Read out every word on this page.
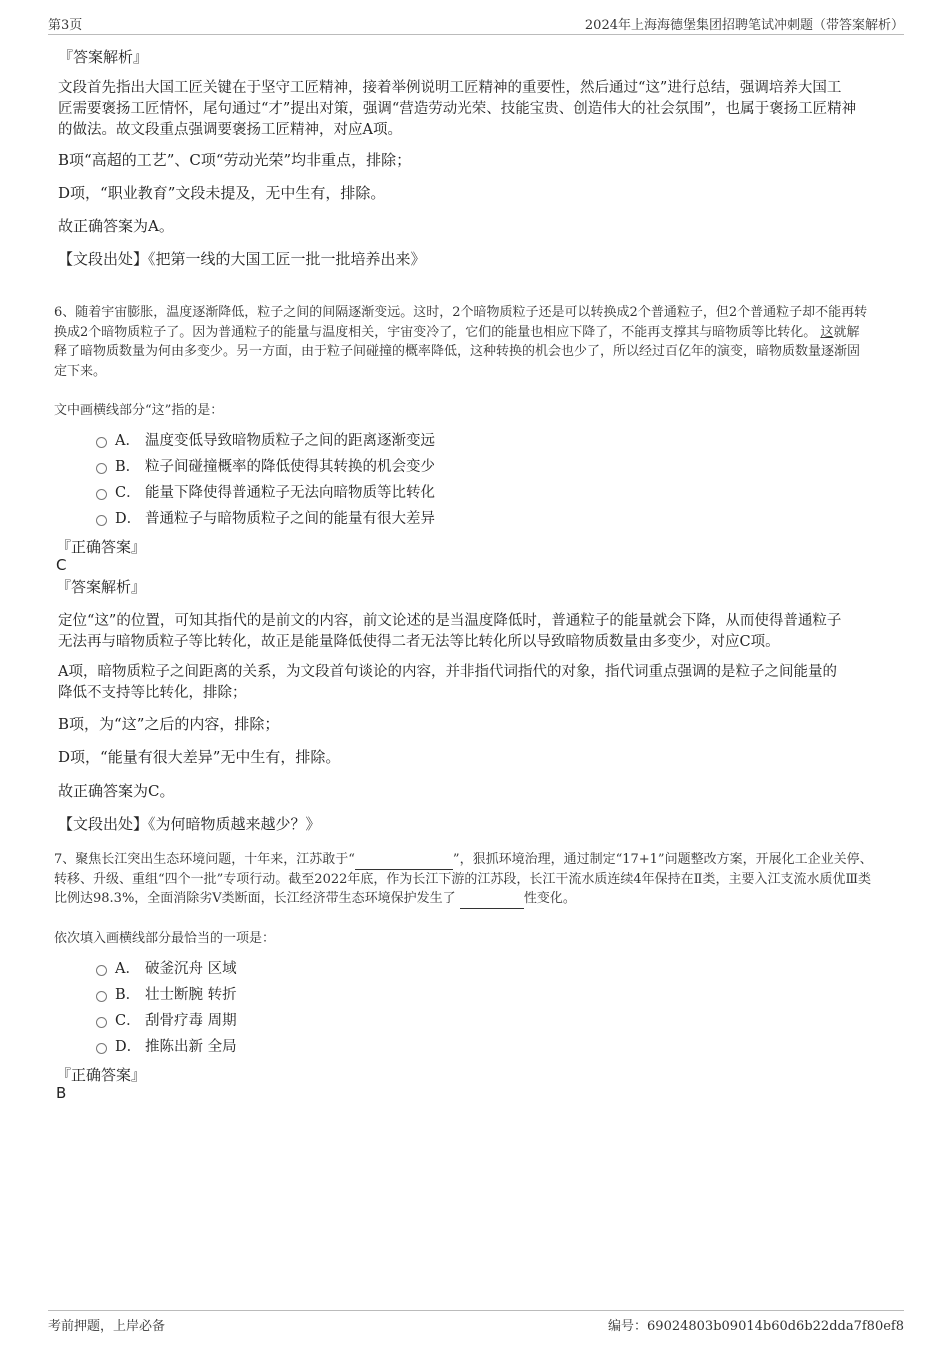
第3页	2024年上海海德堡集团招聘笔试冲刺题（带答案解析）
『答案解析』
文段首先指出大国工匠关键在于坚守工匠精神，接着举例说明工匠精神的重要性，然后通过“这”进行总结，强调培养大国工
匠需要褒扬工匠情怀，尾句通过“才”提出对策，强调“营造劳动光荣、技能宝贵、创造伟大的社会氛围”，也属于褒扬工匠精神
的做法。故文段重点强调要褒扬工匠精神，对应A项。
B项“高超的工艺”、C项“劳动光荣”均非重点，排除；
D项，“职业教育”文段未提及，无中生有，排除。
故正确答案为A。
【文段出处】《把第一线的大国工匠一批一批培养出来》
6、随着宇宙膨胀，温度逐渐降低，粒子之间的间隔逐渐变远。这时，2个暗物质粒子还是可以转换成2个普通粒子，但2个普通粒子却不能再转
换成2个暗物质粒子了。因为普通粒子的能量与温度相关，宇宙变冷了，它们的能量也相应下降了，不能再支撑其与暗物质等比转化。 这就解
释了暗物质数量为何由多变少。另一方面，由于粒子间碰撞的概率降低，这种转换的机会也少了，所以经过百亿年的演变，暗物质数量逐渐固
定下来。
文中画横线部分“这”指的是：
A． 温度变低导致暗物质粒子之间的距离逐渐变远
B． 粒子间碰撞概率的降低使得其转换的机会变少
C． 能量下降使得普通粒子无法向暗物质等比转化
D． 普通粒子与暗物质粒子之间的能量有很大差异
『正确答案』
C
『答案解析』
定位“这”的位置，可知其指代的是前文的内容，前文论述的是当温度降低时，普通粒子的能量就会下降，从而使得普通粒子
无法再与暗物质粒子等比转化，故正是能量降低使得二者无法等比转化所以导致暗物质数量由多变少，对应C项。
A项，暗物质粒子之间距离的关系，为文段首句谈论的内容，并非指代词指代的对象，指代词重点强调的是粒子之间能量的
降低不支持等比转化，排除；
B项，为“这”之后的内容，排除；
D项，“能量有很大差异”无中生有，排除。
故正确答案为C。
【文段出处】《为何暗物质越来越少？》
7、聚焦长江突出生态环境问题，十年来，江苏敢于“	”，狠抓环境治理，通过制定“17+1”问题整改方案，开展化工企业关停、
转移、升级、重组“四个一批”专项行动。截至2022年底，作为长江下游的江苏段，长江干流水质连续4年保持在Ⅱ类，主要入江支流水质优Ⅲ类
比例达98.3%，全面消除劣V类断面，长江经济带生态环境保护发生了	性变化。
依次填入画横线部分最恰当的一项是：
A． 破釜沉舟 区域
B． 壮士断腕 转折
C． 刮骨疗毒 周期
D． 推陈出新 全局
『正确答案』
B
考前押题，上岸必备	编号：69024803b09014b60d6b22dda7f80ef8
